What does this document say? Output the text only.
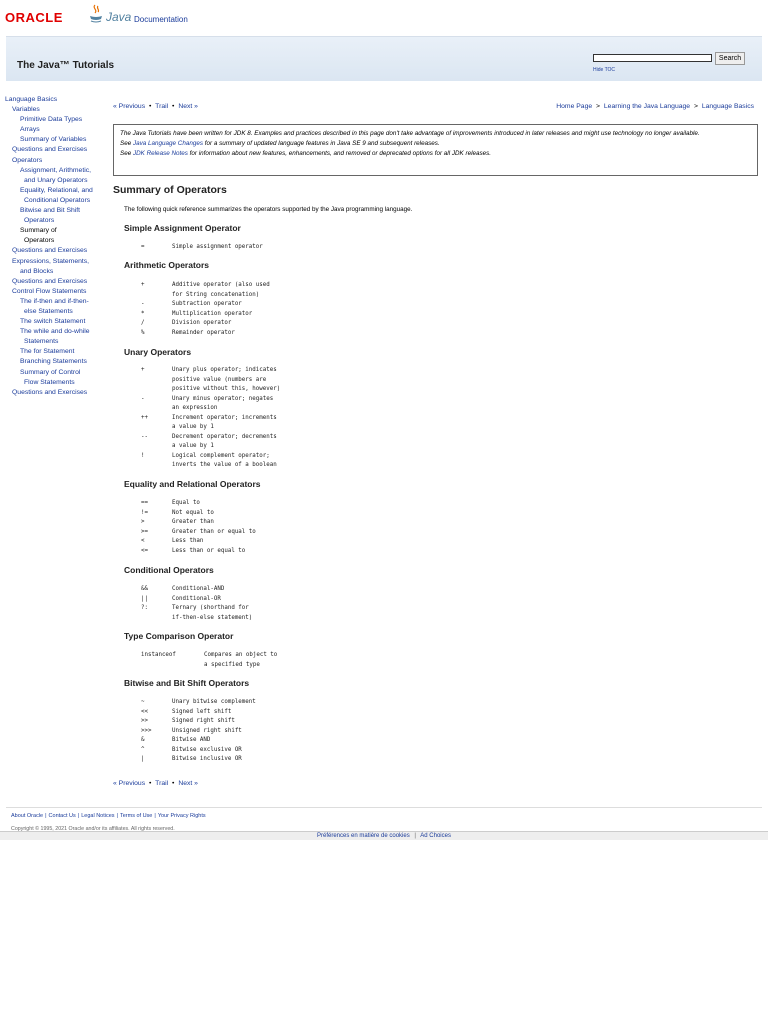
ORACLE	Java Documentation
The Java™ Tutorials
Search
Hide TOC
Language Basics
Variables
Primitive Data Types
Arrays
Summary of Variables
Questions and Exercises
Operators
Assignment, Arithmetic,
and Unary Operators
Equality, Relational, and
Conditional Operators
Bitwise and Bit Shift
Operators
Summary of
Operators
Questions and Exercises
Expressions, Statements,
and Blocks
Questions and Exercises
Control Flow Statements
The if-then and if-then-
else Statements
The switch Statement
The while and do-while
Statements
The for Statement
Branching Statements
Summary of Control
Flow Statements
Questions and Exercises
« Previous • Trail • Next »	Home Page > Learning the Java Language > Language Basics
The Java Tutorials have been written for JDK 8. Examples and practices described in this page don't take advantage of improvements introduced in later releases and might use technology no longer available.
See Java Language Changes for a summary of updated language features in Java SE 9 and subsequent releases.
See JDK Release Notes for information about new features, enhancements, and removed or deprecated options for all JDK releases.
Summary of Operators
The following quick reference summarizes the operators supported by the Java programming language.
Simple Assignment Operator
=	Simple assignment operator
Arithmetic Operators
+	Additive operator (also used
for String concatenation)
-	Subtraction operator
*	Multiplication operator
/	Division operator
%	Remainder operator
Unary Operators
+	Unary plus operator; indicates
positive value (numbers are
positive without this, however)
-	Unary minus operator; negates
an expression
++	Increment operator; increments
a value by 1
--	Decrement operator; decrements
a value by 1
!	Logical complement operator;
inverts the value of a boolean
Equality and Relational Operators
==	Equal to
!=	Not equal to
>	Greater than
>=	Greater than or equal to
<	Less than
<=	Less than or equal to
Conditional Operators
&&	Conditional-AND
||	Conditional-OR
?:	Ternary (shorthand for
if-then-else statement)
Type Comparison Operator
instanceof	Compares an object to
a specified type
Bitwise and Bit Shift Operators
~	Unary bitwise complement
<<	Signed left shift
>>	Signed right shift
>>>	Unsigned right shift
&	Bitwise AND
^	Bitwise exclusive OR
|	Bitwise inclusive OR
« Previous • Trail • Next »
About Oracle | Contact Us | Legal Notices | Terms of Use | Your Privacy Rights
Copyright © 1995, 2021 Oracle and/or its affiliates. All rights reserved.
Préférences en matière de cookies | Ad Choices
